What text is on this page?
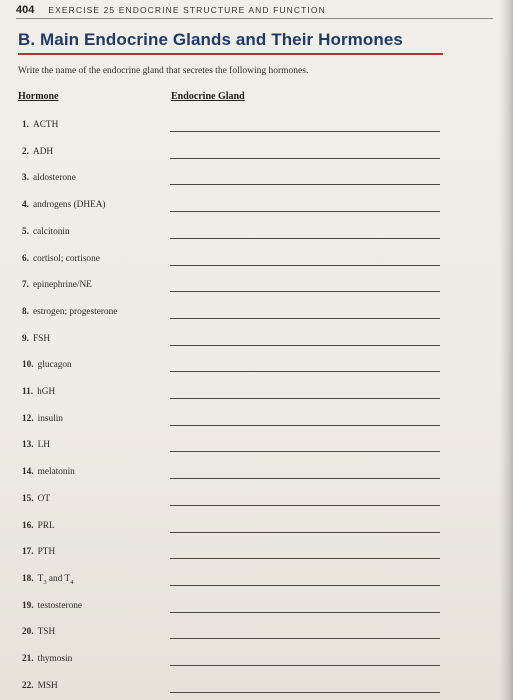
404 EXERCISE 25 ENDOCRINE STRUCTURE AND FUNCTION
B. Main Endocrine Glands and Their Hormones
Write the name of the endocrine gland that secretes the following hormones.
Hormone	Endocrine Gland
1. ACTH
2. ADH
3. aldosterone
4. androgens (DHEA)
5. calcitonin
6. cortisol; cortisone
7. epinephrine/NE
8. estrogen; progesterone
9. FSH
10. glucagon
11. hGH
12. insulin
13. LH
14. melatonin
15. OT
16. PRL
17. PTH
18. $T_3$ and $T_4$
19. testosterone
20. TSH
21. thymosin
22. MSH
